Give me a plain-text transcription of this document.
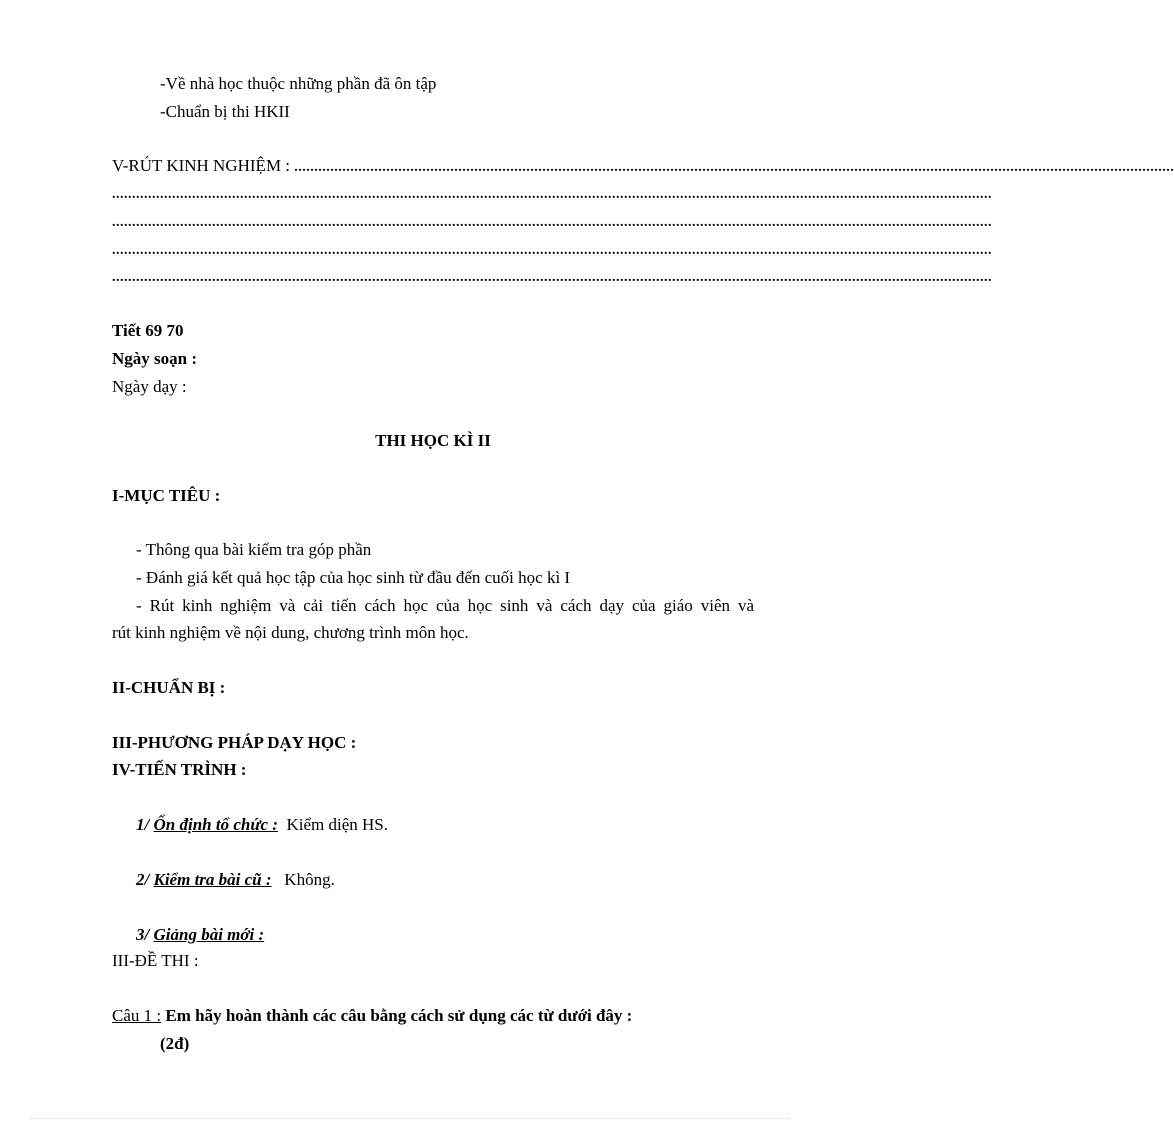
-Về nhà học thuộc những phần đã ôn tập
-Chuẩn bị thi HKII
V-RÚT KINH NGHIỆM : ............................................................................................................................................................................................................................
............................................................................................................................................................................................................................
............................................................................................................................................................................................................................
............................................................................................................................................................................................................................
............................................................................................................................................................................................................................
Tiết 69 70
Ngày soạn :
Ngày dạy :
THI HỌC KÌ II
I-MỤC TIÊU :
- Thông qua bài kiểm tra góp phần
- Đánh giá kết quả học tập của học sinh từ đầu đến cuối học kì I
- Rút kinh nghiệm và cải tiến cách học của học sinh và cách dạy của giáo viên và
rút kinh nghiệm về nội dung, chương trình môn học.
II-CHUẨN BỊ :
III-PHƯƠNG PHÁP DẠY HỌC :
IV-TIẾN TRÌNH :
1/ Ổn định tổ chức : Kiểm diện HS.
2/ Kiểm tra bài cũ : Không.
3/ Giảng bài mới :
III-ĐỀ THI :
Câu 1 : Em hãy hoàn thành các câu bằng cách sử dụng các từ dưới đây :
(2đ)
